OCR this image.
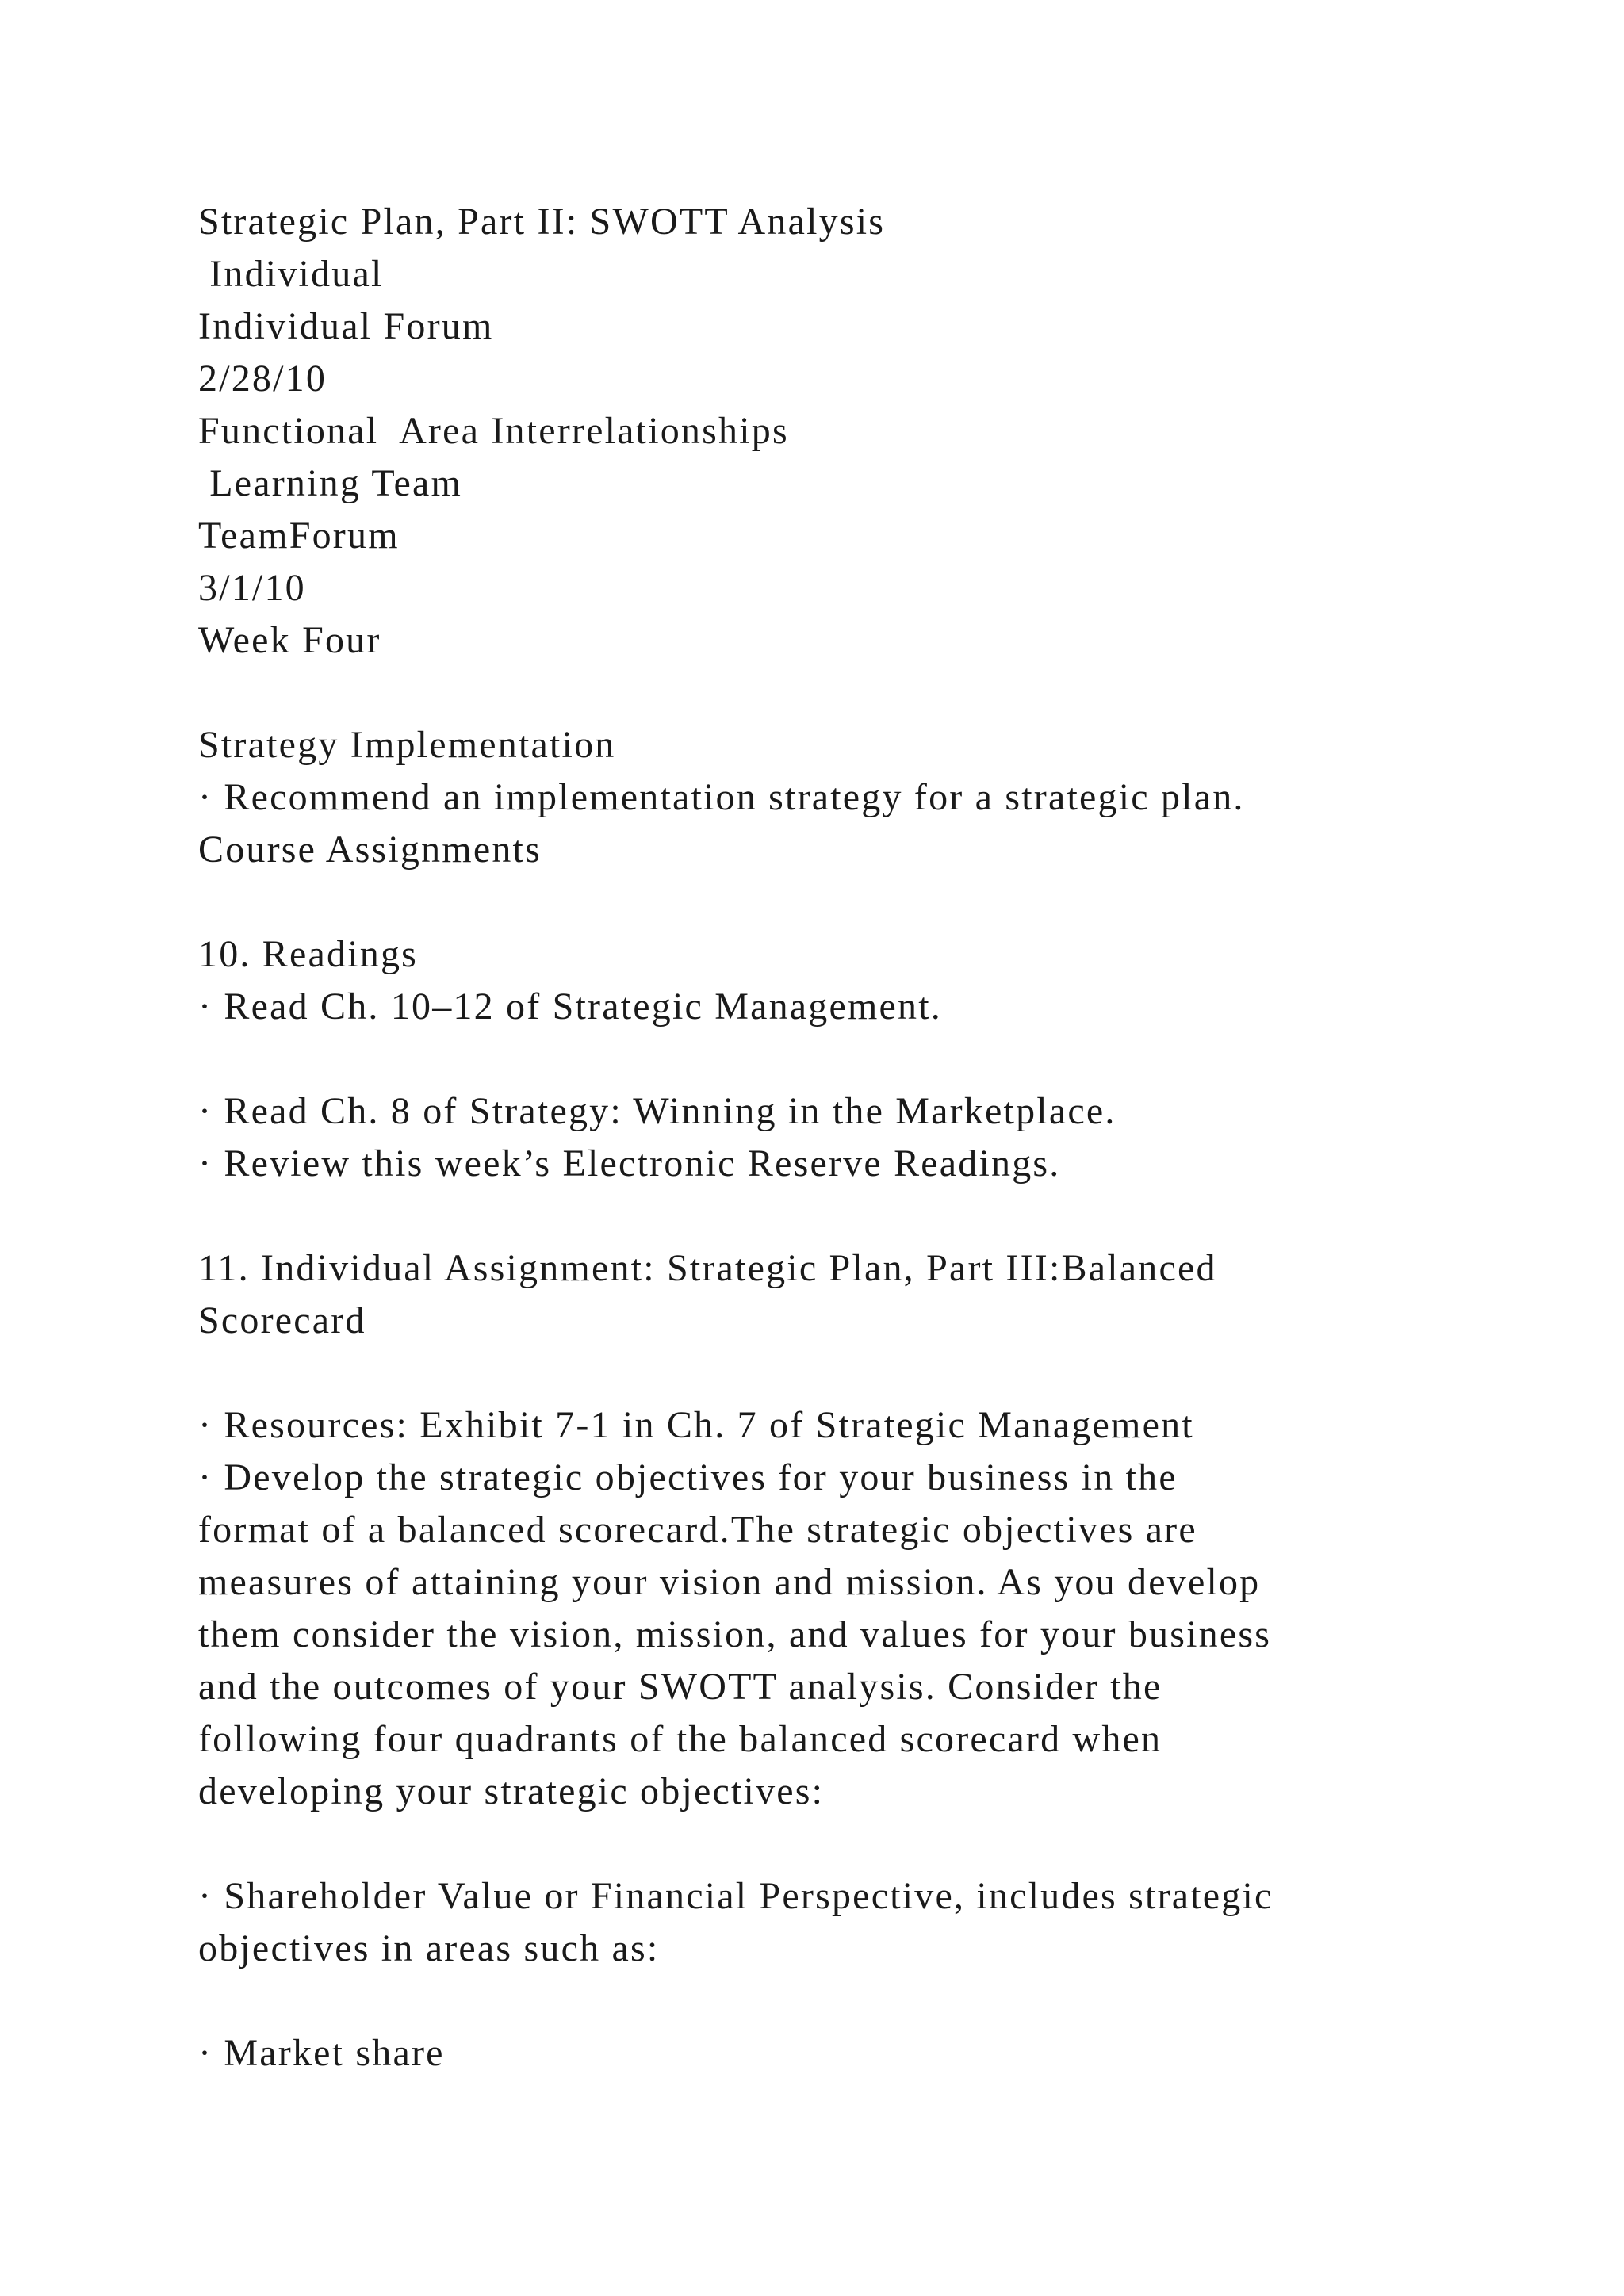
Strategic Plan, Part II: SWOTT Analysis
Individual
Individual Forum
2/28/10
Functional  Area Interrelationships
Learning Team
TeamForum
3/1/10
Week Four
Strategy Implementation
· Recommend an implementation strategy for a strategic plan.
Course Assignments
10. Readings
· Read Ch. 10–12 of Strategic Management.
· Read Ch. 8 of Strategy: Winning in the Marketplace.
· Review this week’s Electronic Reserve Readings.
11. Individual Assignment: Strategic Plan, Part III:Balanced
Scorecard
· Resources: Exhibit 7-1 in Ch. 7 of Strategic Management
· Develop the strategic objectives for your business in the
format of a balanced scorecard.The strategic objectives are
measures of attaining your vision and mission. As you develop
them consider the vision, mission, and values for your business
and the outcomes of your SWOTT analysis. Consider the
following four quadrants of the balanced scorecard when
developing your strategic objectives:
· Shareholder Value or Financial Perspective, includes strategic
objectives in areas such as:
· Market share
